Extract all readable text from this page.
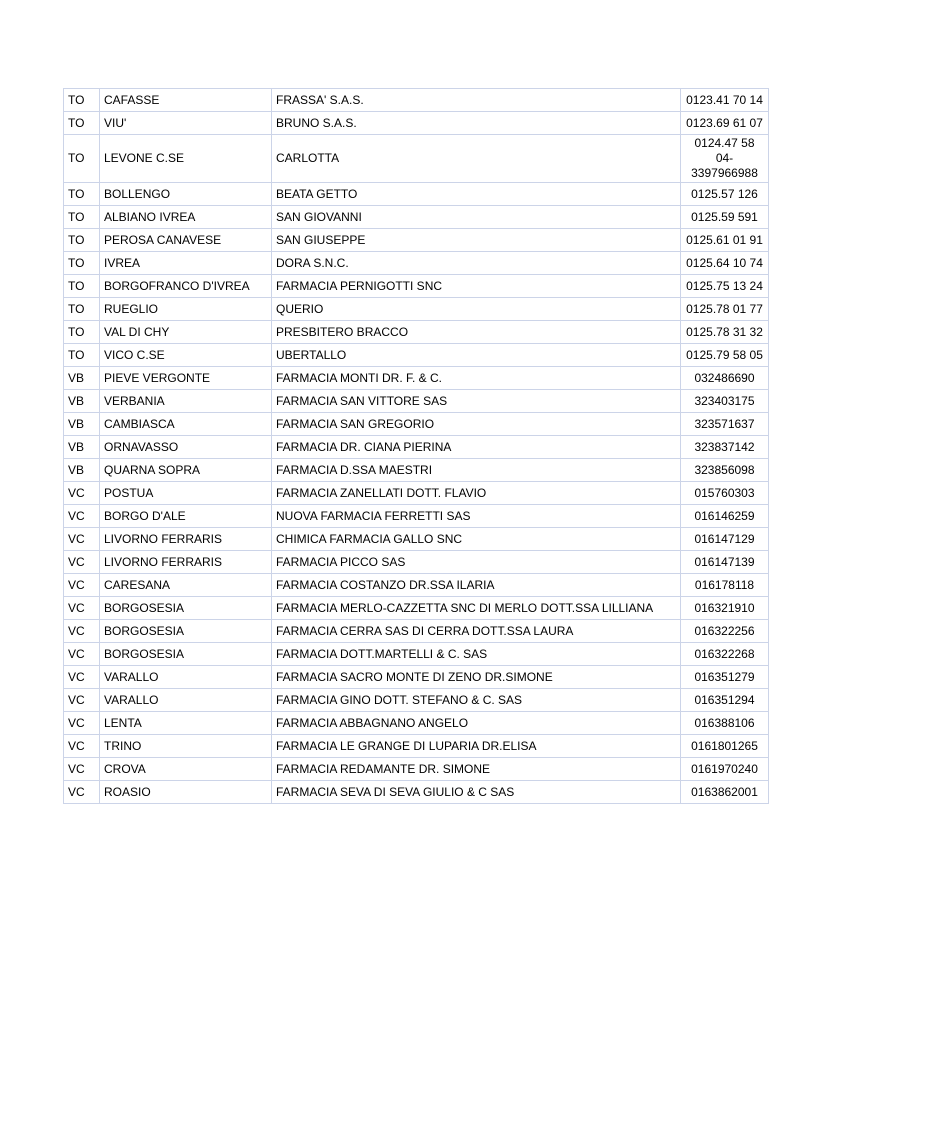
TO	CAFASSE	FRASSA' S.A.S.	0123.41 70 14
TO	VIU'	BRUNO S.A.S.	0123.69 61 07
TO	LEVONE C.SE	CARLOTTA	0124.47 58 04-3397966988
TO	BOLLENGO	BEATA GETTO	0125.57 126
TO	ALBIANO IVREA	SAN GIOVANNI	0125.59 591
TO	PEROSA CANAVESE	SAN GIUSEPPE	0125.61 01 91
TO	IVREA	DORA S.N.C.	0125.64 10 74
TO	BORGOFRANCO D'IVREA	FARMACIA PERNIGOTTI SNC	0125.75 13 24
TO	RUEGLIO	QUERIO	0125.78 01 77
TO	VAL DI CHY	PRESBITERO BRACCO	0125.78 31 32
TO	VICO C.SE	UBERTALLO	0125.79 58 05
VB	PIEVE VERGONTE	FARMACIA MONTI DR. F. & C.	032486690
VB	VERBANIA	FARMACIA SAN VITTORE SAS	323403175
VB	CAMBIASCA	FARMACIA SAN GREGORIO	323571637
VB	ORNAVASSO	FARMACIA DR. CIANA PIERINA	323837142
VB	QUARNA SOPRA	FARMACIA D.SSA MAESTRI	323856098
VC	POSTUA	FARMACIA ZANELLATI DOTT. FLAVIO	015760303
VC	BORGO D'ALE	NUOVA FARMACIA FERRETTI SAS	016146259
VC	LIVORNO FERRARIS	CHIMICA FARMACIA GALLO SNC	016147129
VC	LIVORNO FERRARIS	FARMACIA PICCO SAS	016147139
VC	CARESANA	FARMACIA COSTANZO DR.SSA ILARIA	016178118
VC	BORGOSESIA	FARMACIA MERLO-CAZZETTA SNC DI MERLO DOTT.SSA LILLIANA	016321910
VC	BORGOSESIA	FARMACIA CERRA SAS DI CERRA DOTT.SSA LAURA	016322256
VC	BORGOSESIA	FARMACIA DOTT.MARTELLI & C. SAS	016322268
VC	VARALLO	FARMACIA SACRO MONTE DI ZENO DR.SIMONE	016351279
VC	VARALLO	FARMACIA GINO DOTT. STEFANO & C. SAS	016351294
VC	LENTA	FARMACIA ABBAGNANO ANGELO	016388106
VC	TRINO	FARMACIA LE GRANGE DI LUPARIA DR.ELISA	0161801265
VC	CROVA	FARMACIA REDAMANTE DR. SIMONE	0161970240
VC	ROASIO	FARMACIA SEVA DI SEVA GIULIO & C SAS	0163862001
